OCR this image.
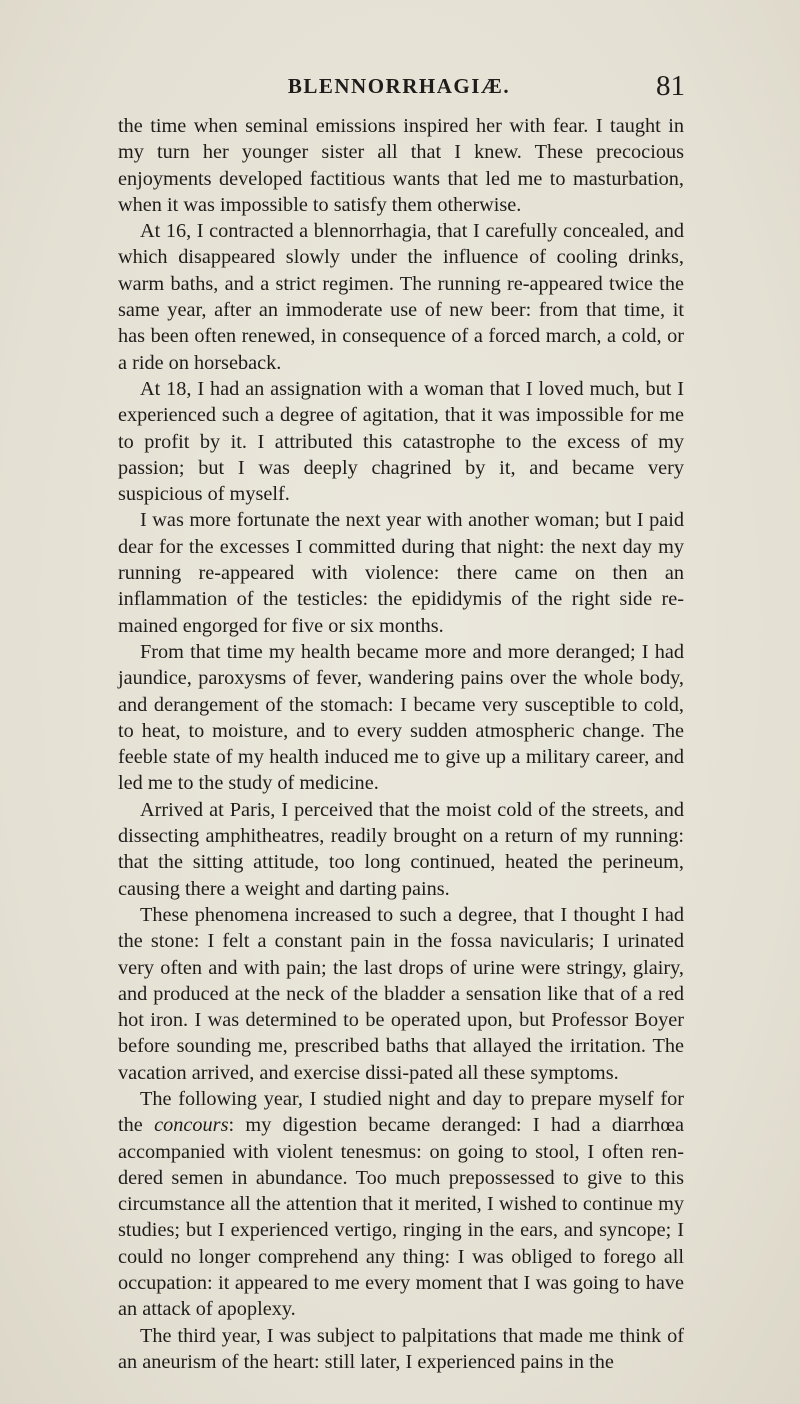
BLENNORRHAGIÆ.	81

the time when seminal emissions inspired her with fear. I taught in my turn her younger sister all that I knew. These precocious enjoyments developed factitious wants that led me to masturbation, when it was impossible to satisfy them otherwise.

At 16, I contracted a blennorrhagia, that I carefully concealed, and which disappeared slowly under the influence of cooling drinks, warm baths, and a strict regimen. The running re-appeared twice the same year, after an immoderate use of new beer: from that time, it has been often renewed, in consequence of a forced march, a cold, or a ride on horseback.

At 18, I had an assignation with a woman that I loved much, but I experienced such a degree of agitation, that it was impossible for me to profit by it. I attributed this catastrophe to the excess of my passion; but I was deeply chagrined by it, and became very suspicious of myself.

I was more fortunate the next year with another woman; but I paid dear for the excesses I committed during that night: the next day my running re-appeared with violence: there came on then an inflammation of the testicles: the epididymis of the right side re-mained engorged for five or six months.

From that time my health became more and more deranged; I had jaundice, paroxysms of fever, wandering pains over the whole body, and derangement of the stomach: I became very susceptible to cold, to heat, to moisture, and to every sudden atmospheric change. The feeble state of my health induced me to give up a military career, and led me to the study of medicine.

Arrived at Paris, I perceived that the moist cold of the streets, and dissecting amphitheatres, readily brought on a return of my running: that the sitting attitude, too long continued, heated the perineum, causing there a weight and darting pains.

These phenomena increased to such a degree, that I thought I had the stone: I felt a constant pain in the fossa navicularis; I urinated very often and with pain; the last drops of urine were stringy, glairy, and produced at the neck of the bladder a sensation like that of a red hot iron. I was determined to be operated upon, but Professor Boyer before sounding me, prescribed baths that allayed the irritation. The vacation arrived, and exercise dissi-pated all these symptoms.

The following year, I studied night and day to prepare myself for the concours: my digestion became deranged: I had a diarrhœa accompanied with violent tenesmus: on going to stool, I often ren-dered semen in abundance. Too much prepossessed to give to this circumstance all the attention that it merited, I wished to continue my studies; but I experienced vertigo, ringing in the ears, and syncope; I could no longer comprehend any thing: I was obliged to forego all occupation: it appeared to me every moment that I was going to have an attack of apoplexy.

The third year, I was subject to palpitations that made me think of an aneurism of the heart: still later, I experienced pains in the
